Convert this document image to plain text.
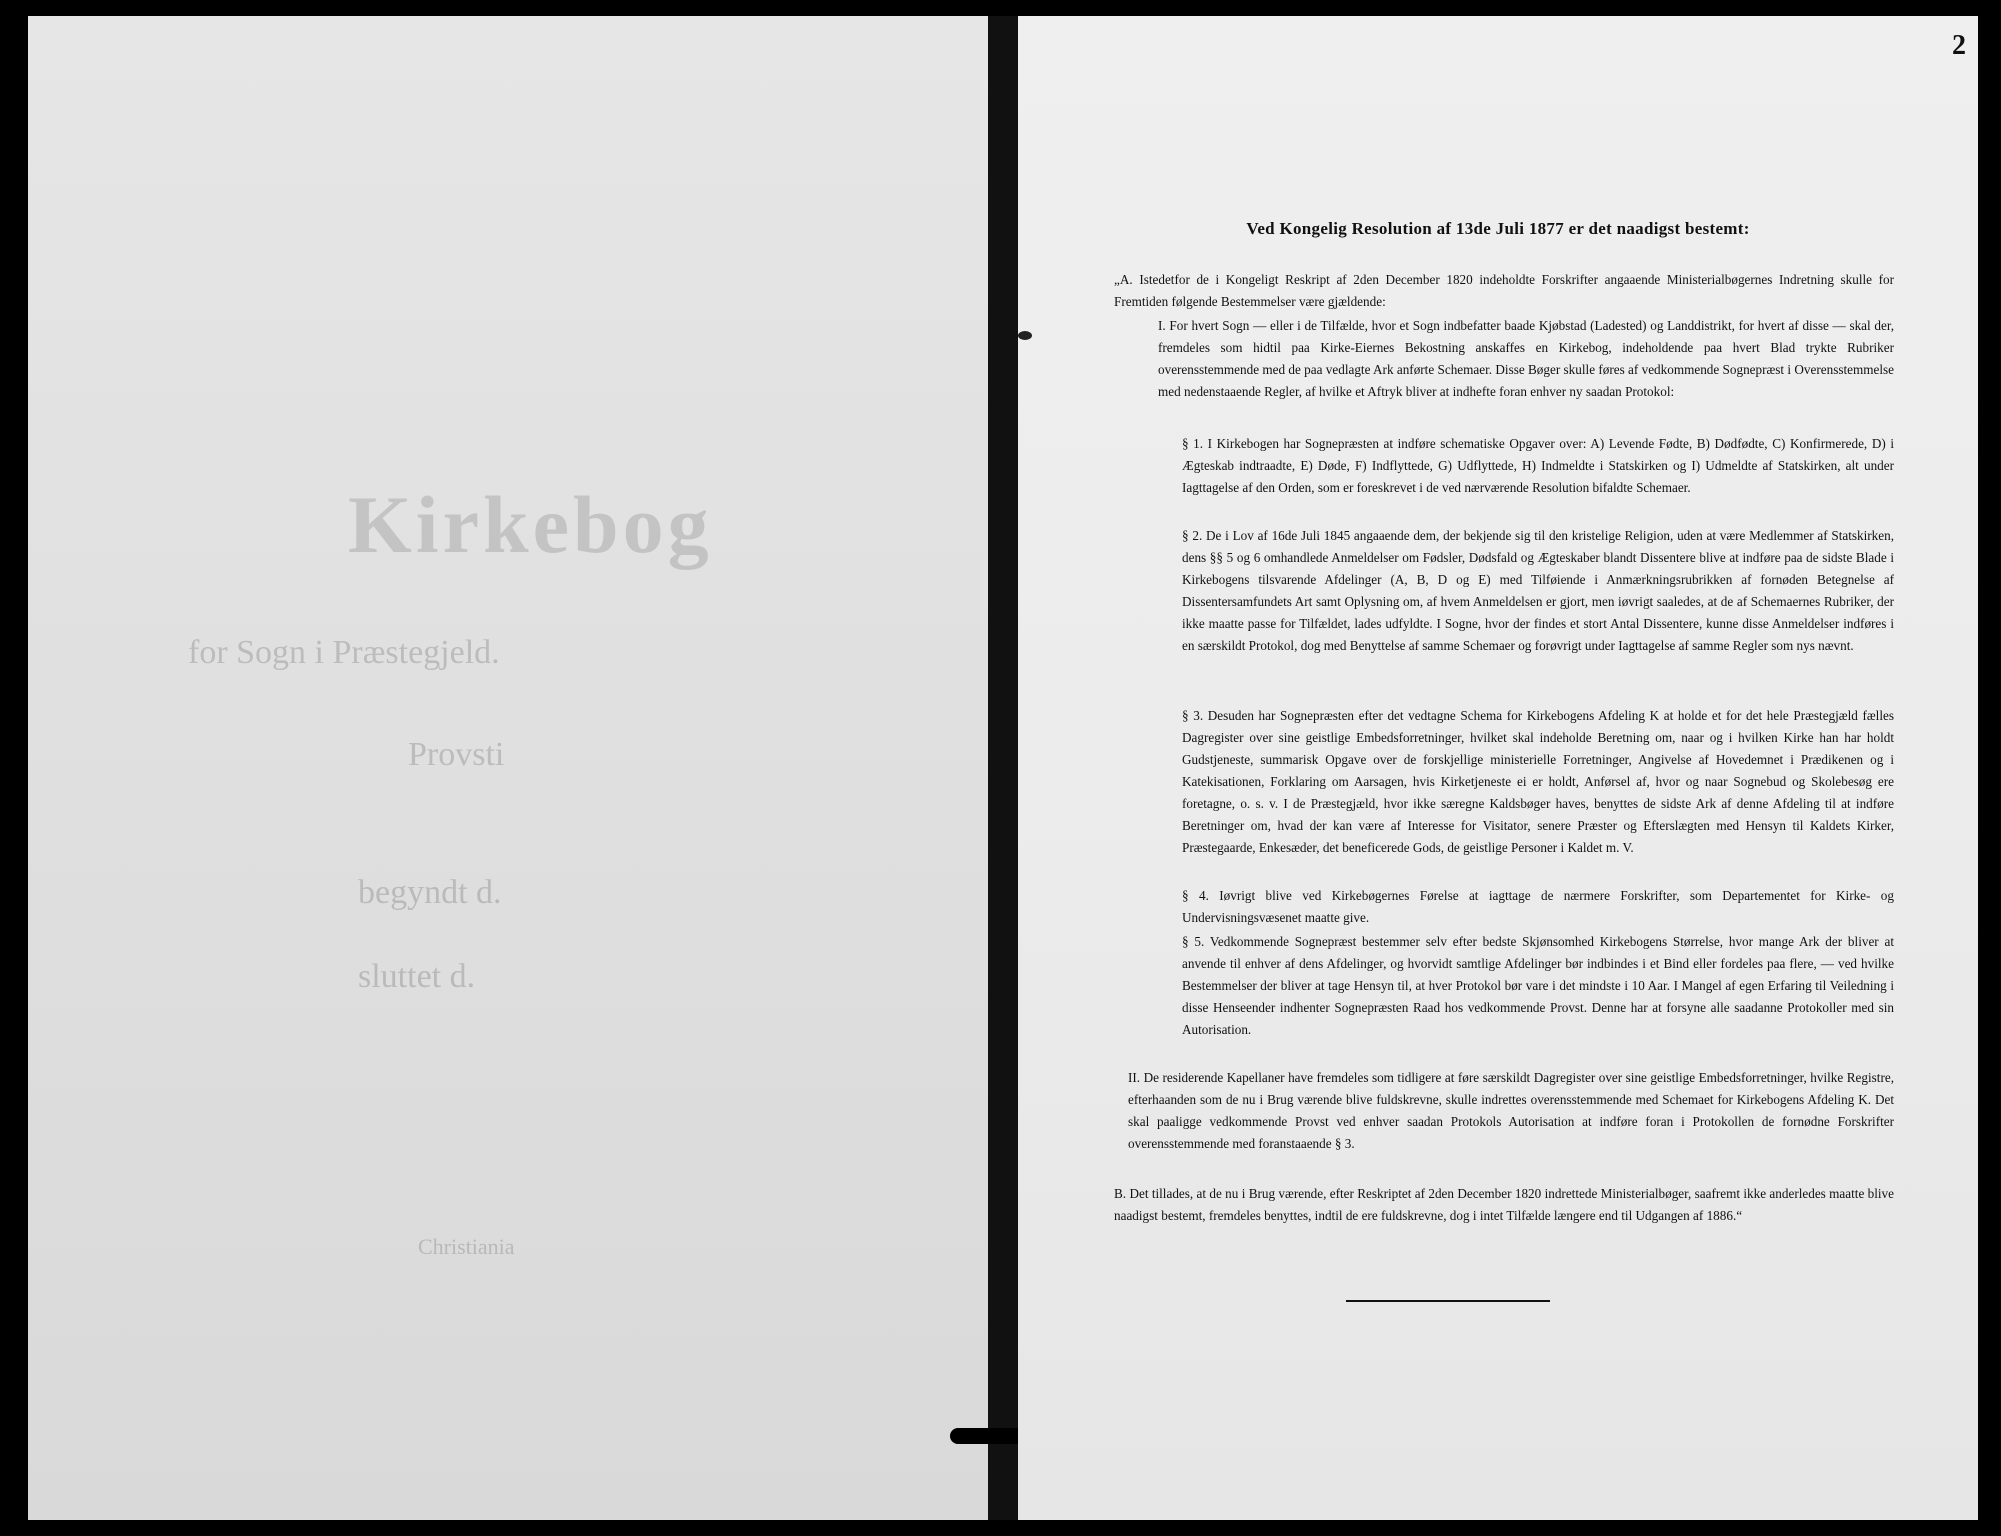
Kirkebog
for Sogn i Præstegjeld.
Provsti
begyndt d.
sluttet d.
Christiania
2
Ved Kongelig Resolution af 13de Juli 1877 er det naadigst bestemt:
„A. Istedetfor de i Kongeligt Reskript af 2den December 1820 indeholdte Forskrifter angaaende Ministerialbøgernes Indretning skulle for Fremtiden følgende Bestemmelser være gjældende:
I. For hvert Sogn — eller i de Tilfælde, hvor et Sogn indbefatter baade Kjøbstad (Ladested) og Landdistrikt, for hvert af disse — skal der, fremdeles som hidtil paa Kirke-Eiernes Bekostning anskaffes en Kirkebog, indeholdende paa hvert Blad trykte Rubriker overensstemmende med de paa vedlagte Ark anførte Schemaer. Disse Bøger skulle føres af vedkommende Sognepræst i Overensstemmelse med nedenstaaende Regler, af hvilke et Aftryk bliver at indhefte foran enhver ny saadan Protokol:
§ 1. I Kirkebogen har Sognepræsten at indføre schematiske Opgaver over: A) Levende Fødte, B) Dødfødte, C) Konfirmerede, D) i Ægteskab indtraadte, E) Døde, F) Indflyttede, G) Udflyttede, H) Indmeldte i Statskirken og I) Udmeldte af Statskirken, alt under Iagttagelse af den Orden, som er foreskrevet i de ved nærværende Resolution bifaldte Schemaer.
§ 2. De i Lov af 16de Juli 1845 angaaende dem, der bekjende sig til den kristelige Religion, uden at være Medlemmer af Statskirken, dens §§ 5 og 6 omhandlede Anmeldelser om Fødsler, Dødsfald og Ægteskaber blandt Dissentere blive at indføre paa de sidste Blade i Kirkebogens tilsvarende Afdelinger (A, B, D og E) med Tilføiende i Anmærkningsrubrikken af fornøden Betegnelse af Dissentersamfundets Art samt Oplysning om, af hvem Anmeldelsen er gjort, men iøvrigt saaledes, at de af Schemaernes Rubriker, der ikke maatte passe for Tilfældet, lades udfyldte. I Sogne, hvor der findes et stort Antal Dissentere, kunne disse Anmeldelser indføres i en særskildt Protokol, dog med Benyttelse af samme Schemaer og forøvrigt under Iagttagelse af samme Regler som nys nævnt.
§ 3. Desuden har Sognepræsten efter det vedtagne Schema for Kirkebogens Afdeling K at holde et for det hele Præstegjæld fælles Dagregister over sine geistlige Embedsforretninger, hvilket skal indeholde Beretning om, naar og i hvilken Kirke han har holdt Gudstjeneste, summarisk Opgave over de forskjellige ministerielle Forretninger, Angivelse af Hovedemnet i Prædikenen og i Katekisationen, Forklaring om Aarsagen, hvis Kirketjeneste ei er holdt, Anførsel af, hvor og naar Sognebud og Skolebesøg ere foretagne, o. s. v. I de Præstegjæld, hvor ikke særegne Kaldsbøger haves, benyttes de sidste Ark af denne Afdeling til at indføre Beretninger om, hvad der kan være af Interesse for Visitator, senere Præster og Efterslægten med Hensyn til Kaldets Kirker, Præstegaarde, Enkesæder, det beneficerede Gods, de geistlige Personer i Kaldet m. V.
§ 4. Iøvrigt blive ved Kirkebøgernes Førelse at iagttage de nærmere Forskrifter, som Departementet for Kirke- og Undervisningsvæsenet maatte give.
§ 5. Vedkommende Sognepræst bestemmer selv efter bedste Skjønsomhed Kirkebogens Størrelse, hvor mange Ark der bliver at anvende til enhver af dens Afdelinger, og hvorvidt samtlige Afdelinger bør indbindes i et Bind eller fordeles paa flere, — ved hvilke Bestemmelser der bliver at tage Hensyn til, at hver Protokol bør vare i det mindste i 10 Aar. I Mangel af egen Erfaring til Veiledning i disse Henseender indhenter Sognepræsten Raad hos vedkommende Provst. Denne har at forsyne alle saadanne Protokoller med sin Autorisation.
II. De residerende Kapellaner have fremdeles som tidligere at føre særskildt Dagregister over sine geistlige Embedsforretninger, hvilke Registre, efterhaanden som de nu i Brug værende blive fuldskrevne, skulle indrettes overensstemmende med Schemaet for Kirkebogens Afdeling K. Det skal paaligge vedkommende Provst ved enhver saadan Protokols Autorisation at indføre foran i Protokollen de fornødne Forskrifter overensstemmende med foranstaaende § 3.
B. Det tillades, at de nu i Brug værende, efter Reskriptet af 2den December 1820 indrettede Ministerialbøger, saafremt ikke anderledes maatte blive naadigst bestemt, fremdeles benyttes, indtil de ere fuldskrevne, dog i intet Tilfælde længere end til Udgangen af 1886.“
